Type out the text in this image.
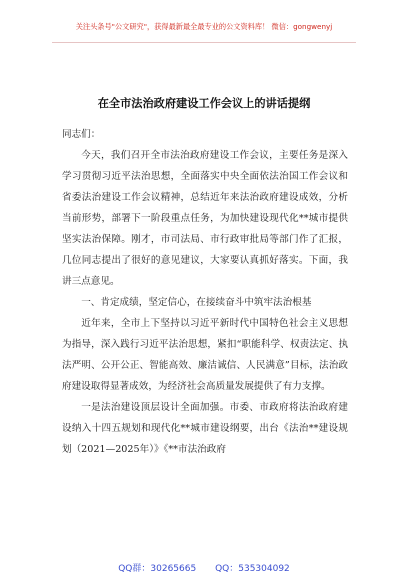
关注头条号"公文研究"，获得最新最全最专业的公文资料库！ 微信：gongwenyj
在全市法治政府建设工作会议上的讲话提纲

同志们：

今天，我们召开全市法治政府建设工作会议，主要任务是深入学习贯彻习近平法治思想，全面落实中央全面依法治国工作会议和省委法治建设工作会议精神，总结近年来法治政府建设成效，分析当前形势，部署下一阶段重点任务，为加快建设现代化**城市提供坚实法治保障。刚才，市司法局、市行政审批局等部门作了汇报，几位同志提出了很好的意见建议，大家要认真抓好落实。下面，我讲三点意见。

一、肯定成绩，坚定信心，在接续奋斗中筑牢法治根基

近年来，全市上下坚持以习近平新时代中国特色社会主义思想为指导，深入践行习近平法治思想，紧扣“职能科学、权责法定、执法严明、公开公正、智能高效、廉洁诚信、人民满意”目标，法治政府建设取得显著成效，为经济社会高质量发展提供了有力支撑。

一是法治建设顶层设计全面加强。市委、市政府将法治政府建设纳入十四五规划和现代化**城市建设纲要，出台《法治**建设规划（2021—2025年）》《**市法治政府

QQ群：30265665 QQ：535304092
